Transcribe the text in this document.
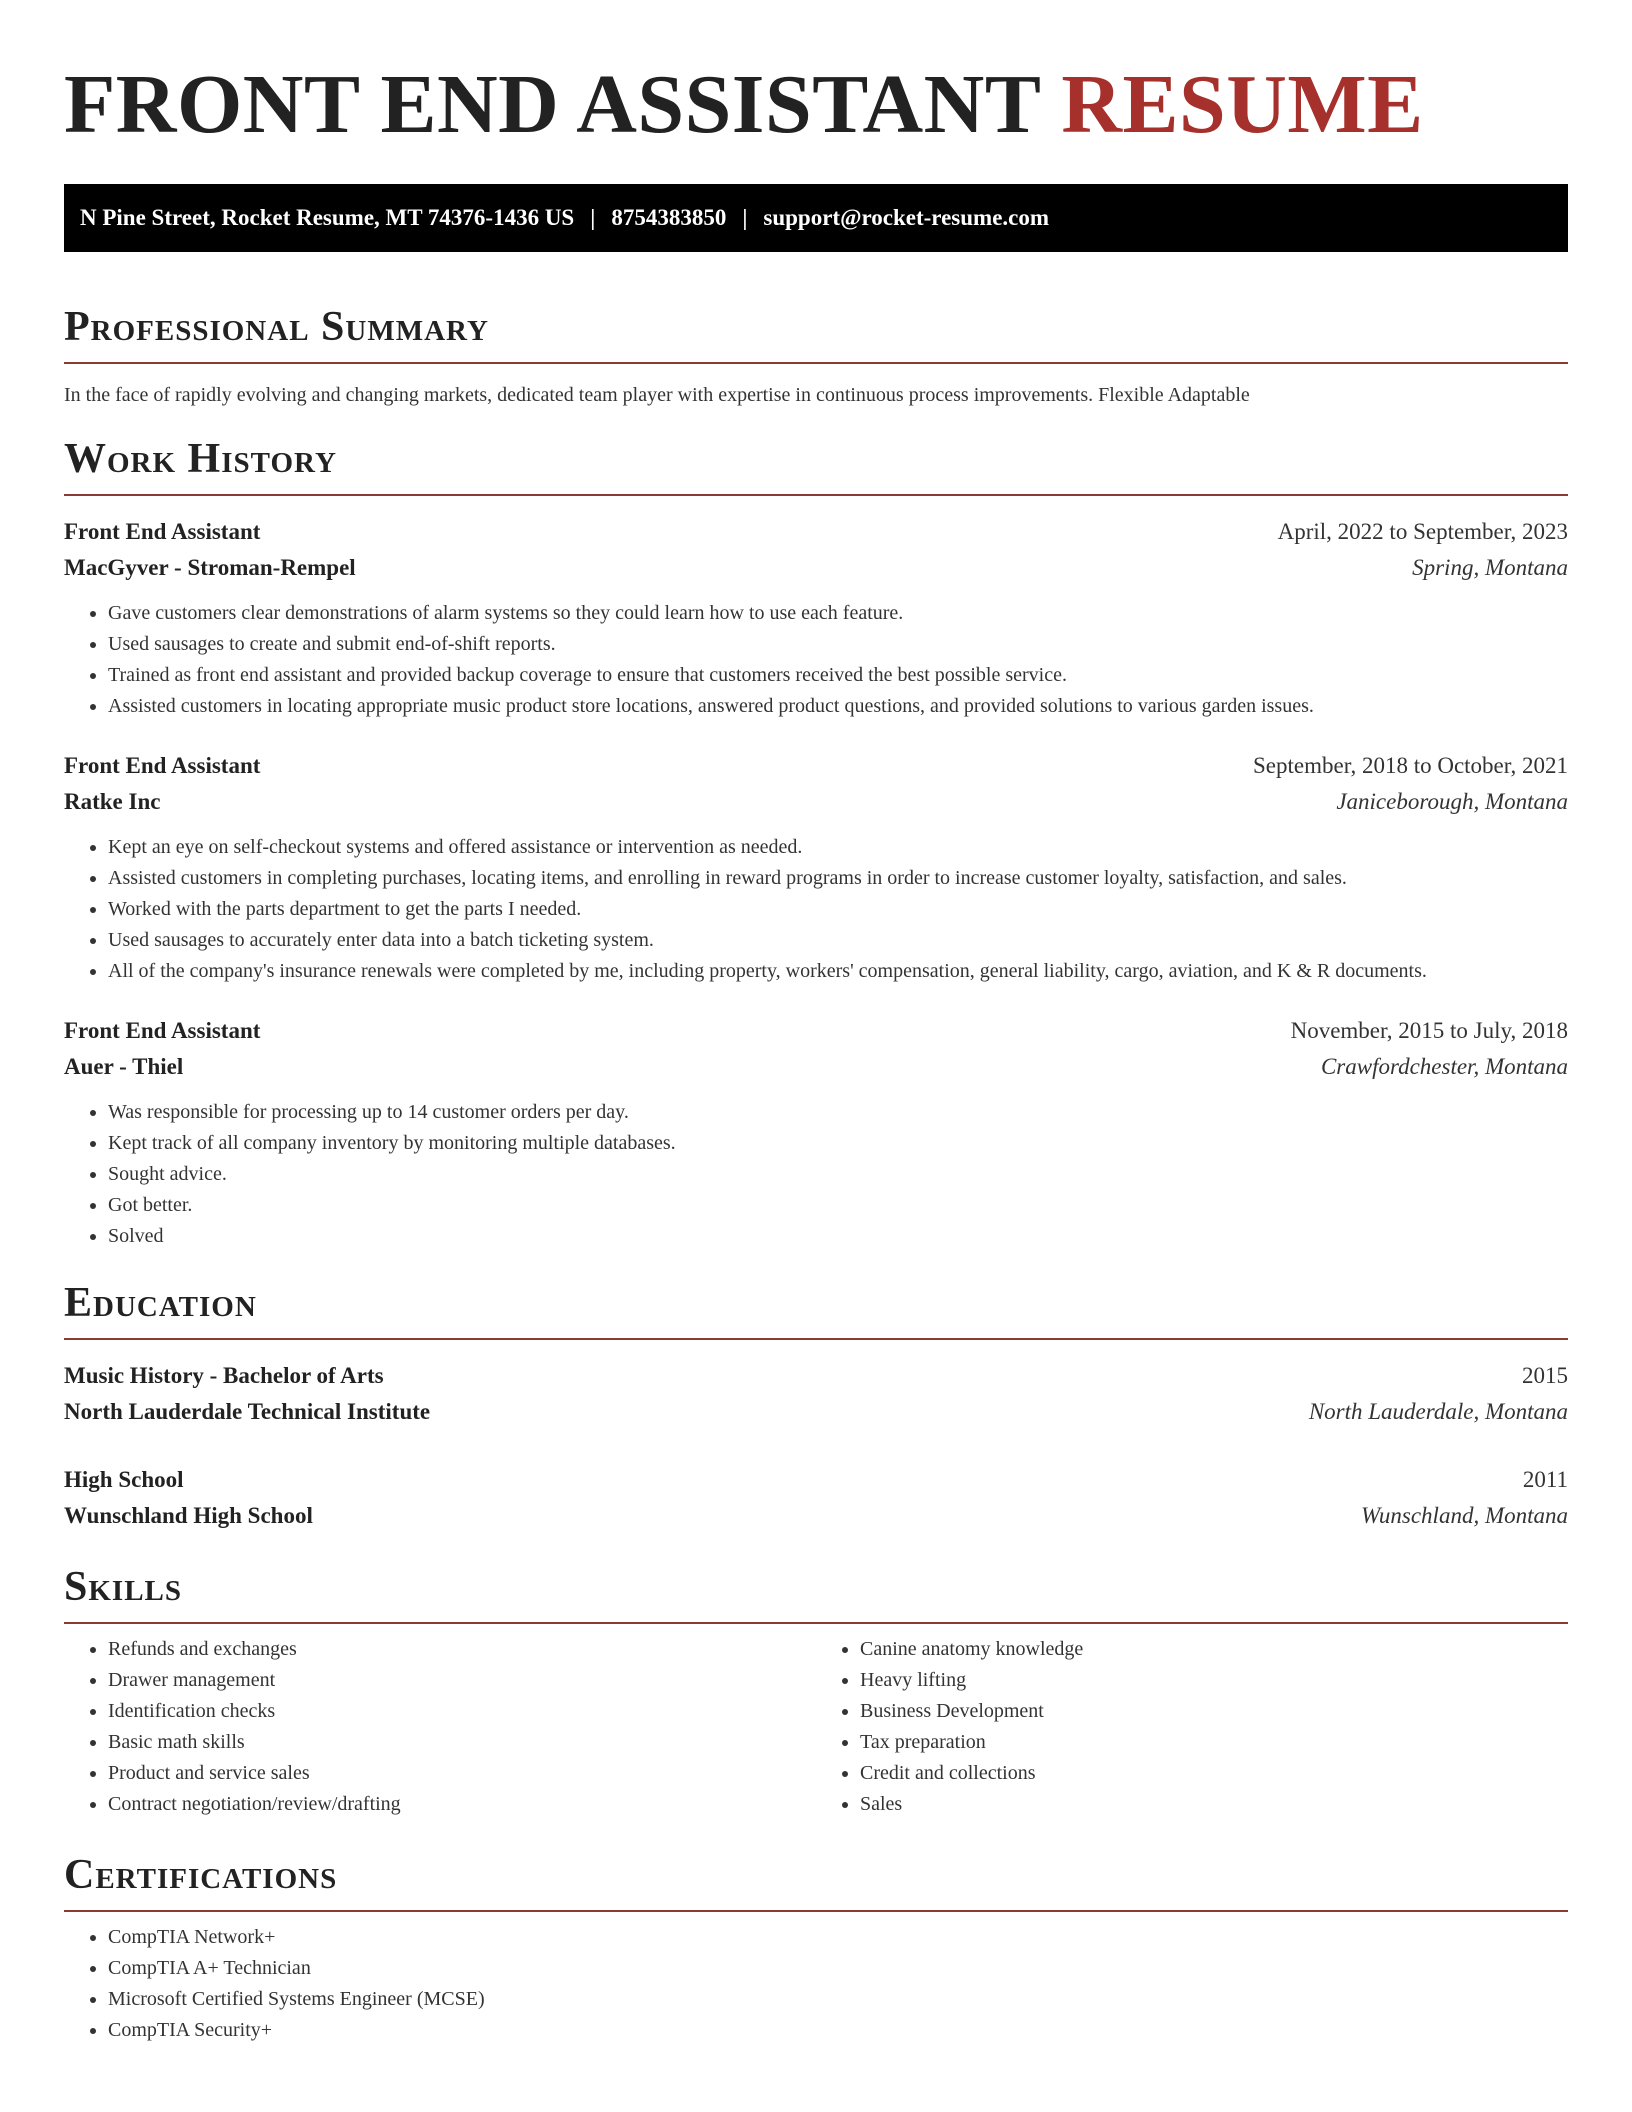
FRONT END ASSISTANT RESUME
N Pine Street, Rocket Resume, MT 74376-1436 US | 8754383850 | support@rocket-resume.com
Professional Summary

In the face of rapidly evolving and changing markets, dedicated team player with expertise in continuous process improvements. Flexible Adaptable

Work History
Front End Assistant	April, 2022 to September, 2023
MacGyver - Stroman-Rempel	Spring, Montana
• Gave customers clear demonstrations of alarm systems so they could learn how to use each feature.
• Used sausages to create and submit end-of-shift reports.
• Trained as front end assistant and provided backup coverage to ensure that customers received the best possible service.
• Assisted customers in locating appropriate music product store locations, answered product questions, and provided solutions to various garden issues.
Front End Assistant	September, 2018 to October, 2021
Ratke Inc	Janiceborough, Montana
• Kept an eye on self-checkout systems and offered assistance or intervention as needed.
• Assisted customers in completing purchases, locating items, and enrolling in reward programs in order to increase customer loyalty, satisfaction, and sales.
• Worked with the parts department to get the parts I needed.
• Used sausages to accurately enter data into a batch ticketing system.
• All of the company's insurance renewals were completed by me, including property, workers' compensation, general liability, cargo, aviation, and K & R documents.
Front End Assistant	November, 2015 to July, 2018
Auer - Thiel	Crawfordchester, Montana
• Was responsible for processing up to 14 customer orders per day.
• Kept track of all company inventory by monitoring multiple databases.
• Sought advice.
• Got better.
• Solved
Education
Music History - Bachelor of Arts	2015
North Lauderdale Technical Institute	North Lauderdale, Montana
High School	2011
Wunschland High School	Wunschland, Montana
Skills
• Refunds and exchanges
• Drawer management
• Identification checks
• Basic math skills
• Product and service sales
• Contract negotiation/review/drafting
• Canine anatomy knowledge
• Heavy lifting
• Business Development
• Tax preparation
• Credit and collections
• Sales
Certifications
• CompTIA Network+
• CompTIA A+ Technician
• Microsoft Certified Systems Engineer (MCSE)
• CompTIA Security+
